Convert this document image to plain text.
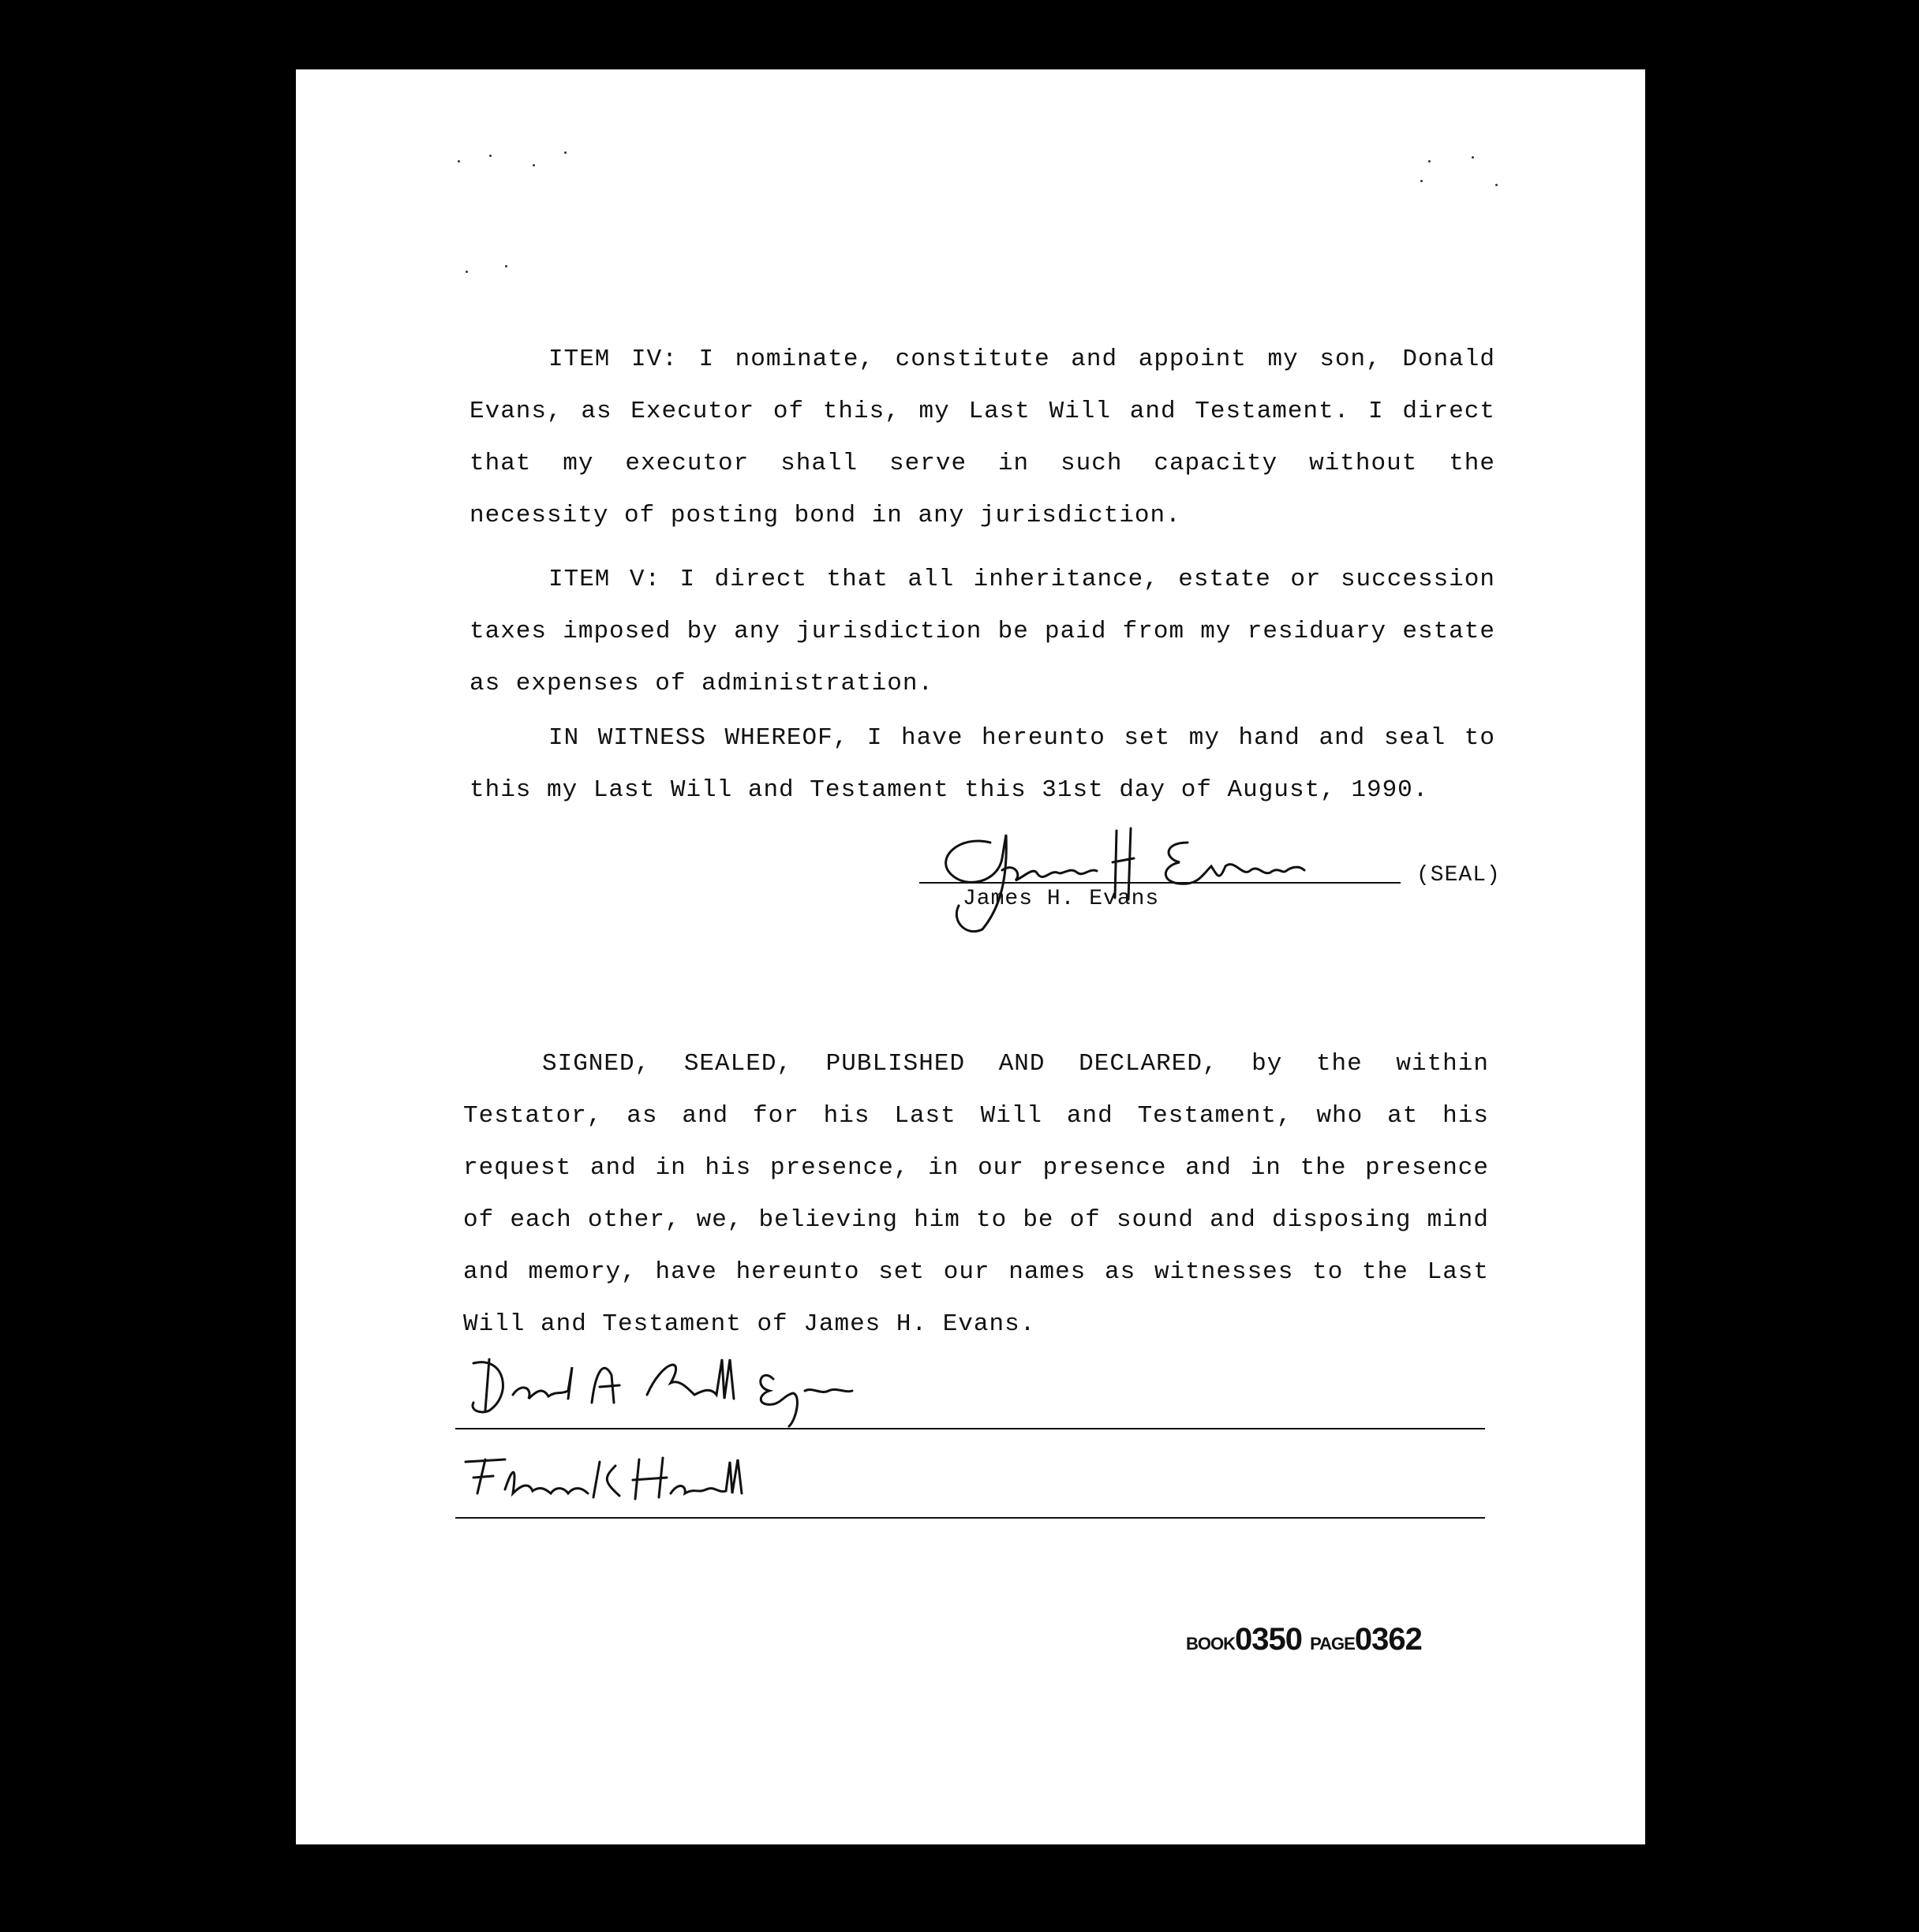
ITEM IV: I nominate, constitute and appoint my son, Donald Evans, as Executor of this, my Last Will and Testament. I direct that my executor shall serve in such capacity without the necessity of posting bond in any jurisdiction.

ITEM V: I direct that all inheritance, estate or succession taxes imposed by any jurisdiction be paid from my residuary estate as expenses of administration.

IN WITNESS WHEREOF, I have hereunto set my hand and seal to this my Last Will and Testament this 31st day of August, 1990.

James H. Evans
(SEAL)

SIGNED, SEALED, PUBLISHED AND DECLARED, by the within Testator, as and for his Last Will and Testament, who at his request and in his presence, in our presence and in the presence of each other, we, believing him to be of sound and disposing mind and memory, have hereunto set our names as witnesses to the Last Will and Testament of James H. Evans.

BOOK0350 PAGE0362
